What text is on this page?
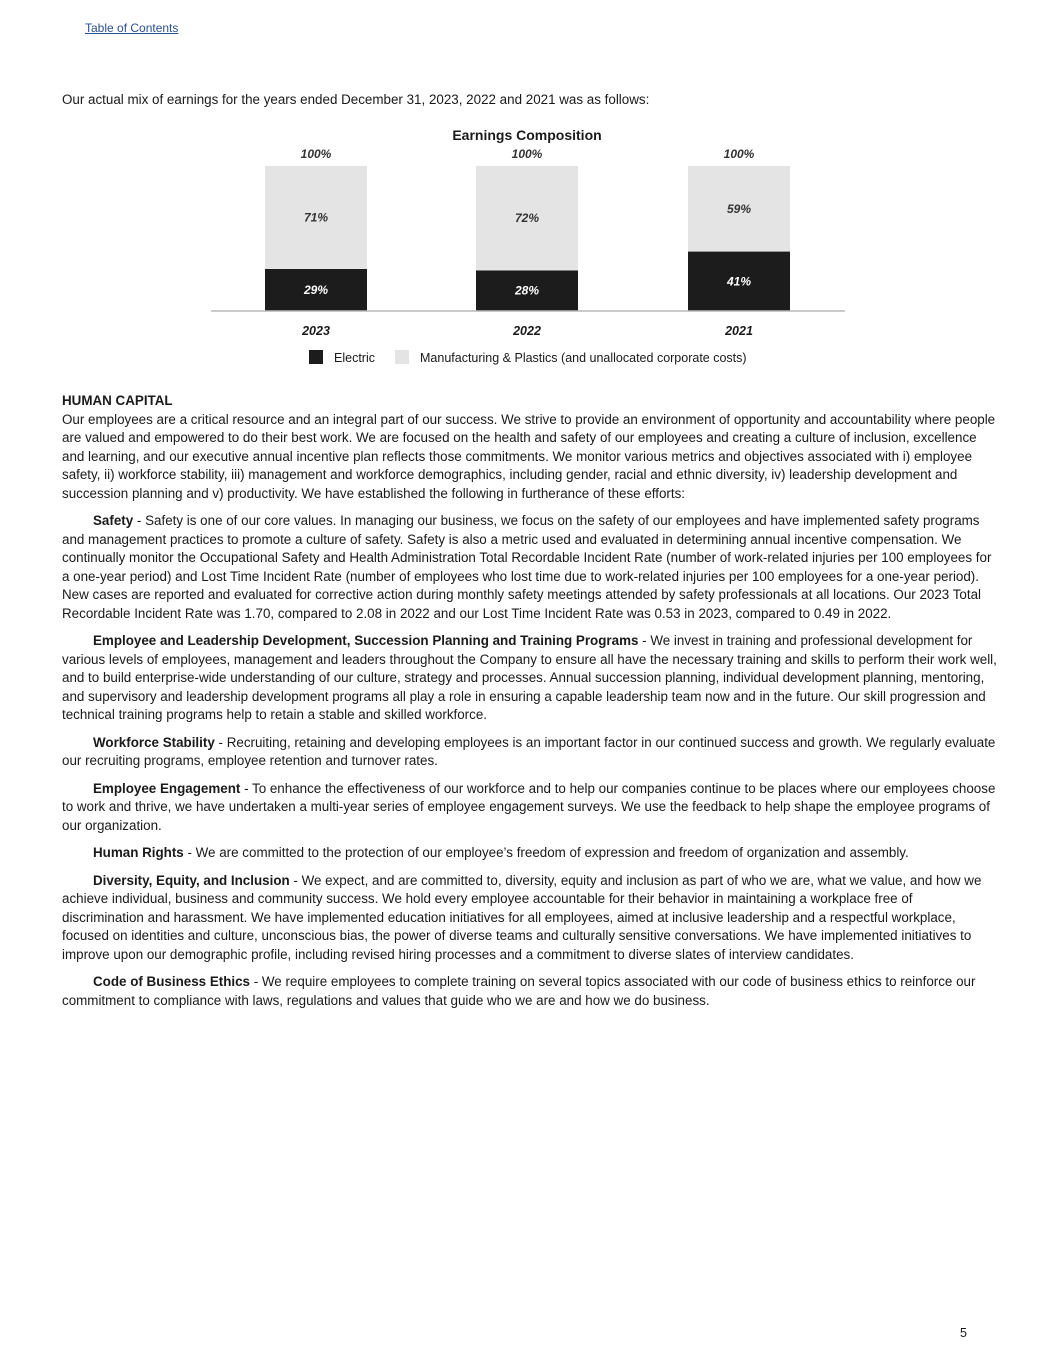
Table of Contents
Our actual mix of earnings for the years ended December 31, 2023, 2022 and 2021 was as follows:
Earnings Composition
29%
71%
100%
2023
28%
72%
100%
2022
41%
59%
100%
2021
Electric	Manufacturing & Plastics (and unallocated corporate costs)

HUMAN CAPITAL

Our employees are a critical resource and an integral part of our success. We strive to provide an environment of opportunity and accountability where people are valued and empowered to do their best work. We are focused on the health and safety of our employees and creating a culture of inclusion, excellence and learning, and our executive annual incentive plan reflects those commitments. We monitor various metrics and objectives associated with i) employee safety, ii) workforce stability, iii) management and workforce demographics, including gender, racial and ethnic diversity, iv) leadership development and succession planning and v) productivity. We have established the following in furtherance of these efforts:

Safety - Safety is one of our core values. In managing our business, we focus on the safety of our employees and have implemented safety programs and management practices to promote a culture of safety. Safety is also a metric used and evaluated in determining annual incentive compensation. We continually monitor the Occupational Safety and Health Administration Total Recordable Incident Rate (number of work-related injuries per 100 employees for a one-year period) and Lost Time Incident Rate (number of employees who lost time due to work-related injuries per 100 employees for a one-year period). New cases are reported and evaluated for corrective action during monthly safety meetings attended by safety professionals at all locations. Our 2023 Total Recordable Incident Rate was 1.70, compared to 2.08 in 2022 and our Lost Time Incident Rate was 0.53 in 2023, compared to 0.49 in 2022.

Employee and Leadership Development, Succession Planning and Training Programs - We invest in training and professional development for various levels of employees, management and leaders throughout the Company to ensure all have the necessary training and skills to perform their work well, and to build enterprise-wide understanding of our culture, strategy and processes. Annual succession planning, individual development planning, mentoring, and supervisory and leadership development programs all play a role in ensuring a capable leadership team now and in the future. Our skill progression and technical training programs help to retain a stable and skilled workforce.

Workforce Stability - Recruiting, retaining and developing employees is an important factor in our continued success and growth. We regularly evaluate our recruiting programs, employee retention and turnover rates.

Employee Engagement - To enhance the effectiveness of our workforce and to help our companies continue to be places where our employees choose to work and thrive, we have undertaken a multi-year series of employee engagement surveys. We use the feedback to help shape the employee programs of our organization.

Human Rights - We are committed to the protection of our employee’s freedom of expression and freedom of organization and assembly.

Diversity, Equity, and Inclusion - We expect, and are committed to, diversity, equity and inclusion as part of who we are, what we value, and how we achieve individual, business and community success. We hold every employee accountable for their behavior in maintaining a workplace free of discrimination and harassment. We have implemented education initiatives for all employees, aimed at inclusive leadership and a respectful workplace, focused on identities and culture, unconscious bias, the power of diverse teams and culturally sensitive conversations. We have implemented initiatives to improve upon our demographic profile, including revised hiring processes and a commitment to diverse slates of interview candidates.

Code of Business Ethics - We require employees to complete training on several topics associated with our code of business ethics to reinforce our commitment to compliance with laws, regulations and values that guide who we are and how we do business.

5
